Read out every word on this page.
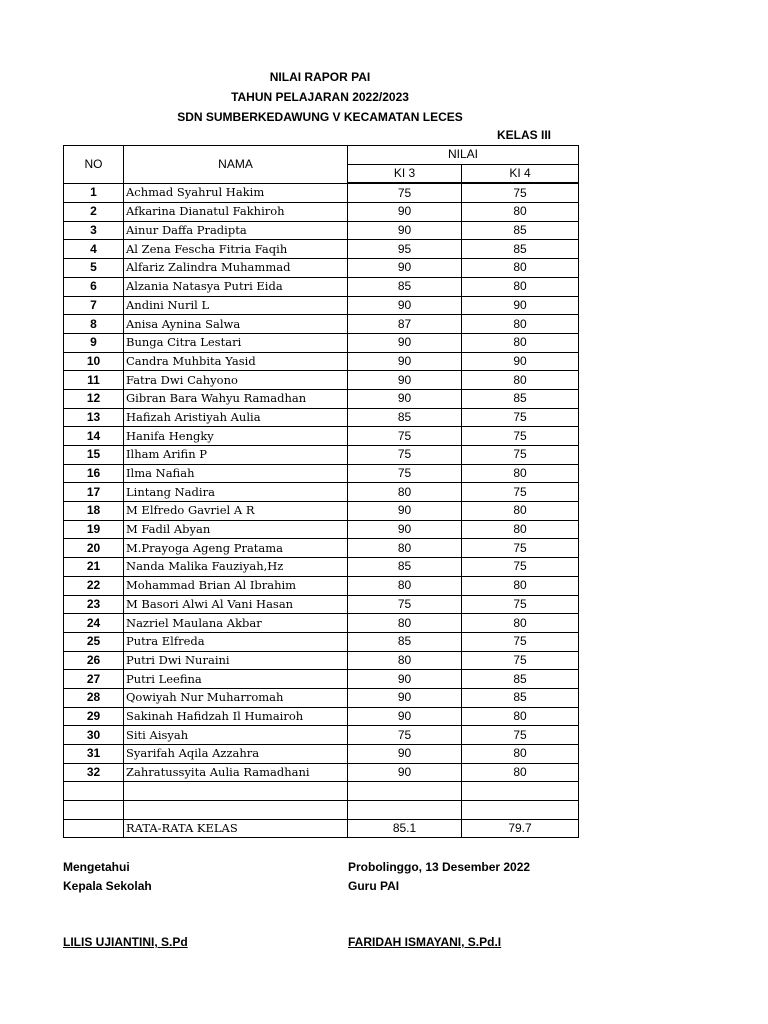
NILAI RAPOR PAI
TAHUN PELAJARAN 2022/2023
SDN SUMBERKEDAWUNG V KECAMATAN LECES
KELAS III
NO	NAMA	NILAI	
		KI 3	KI 4
1	Achmad Syahrul Hakim	75	75
2	Afkarina Dianatul Fakhiroh	90	80
3	Ainur Daffa Pradipta	90	85
4	Al Zena Fescha Fitria Faqih	95	85
5	Alfariz Zalindra Muhammad	90	80
6	Alzania Natasya Putri Eida	85	80
7	Andini Nuril L	90	90
8	Anisa Aynina Salwa	87	80
9	Bunga Citra Lestari	90	80
10	Candra Muhbita Yasid	90	90
11	Fatra Dwi Cahyono	90	80
12	Gibran Bara Wahyu Ramadhan	90	85
13	Hafizah Aristiyah Aulia	85	75
14	Hanifa Hengky	75	75
15	Ilham Arifin P	75	75
16	Ilma Nafiah	75	80
17	Lintang Nadira	80	75
18	M Elfredo Gavriel A R	90	80
19	M Fadil Abyan	90	80
20	M.Prayoga Ageng Pratama	80	75
21	Nanda Malika Fauziyah,Hz	85	75
22	Mohammad Brian Al Ibrahim	80	80
23	M Basori Alwi Al Vani Hasan	75	75
24	Nazriel Maulana Akbar	80	80
25	Putra Elfreda	85	75
26	Putri Dwi Nuraini	80	75
27	Putri Leefina	90	85
28	Qowiyah Nur Muharromah	90	85
29	Sakinah Hafidzah Il Humairoh	90	80
30	Siti Aisyah	75	75
31	Syarifah Aqila Azzahra	90	80
32	Zahratussyita Aulia Ramadhani	90	80

	RATA-RATA KELAS	85.1	79.7
Mengetahui
Kepala Sekolah
LILIS UJIANTINI, S.Pd
Probolinggo, 13 Desember 2022
Guru PAI
FARIDAH ISMAYANI, S.Pd.I
